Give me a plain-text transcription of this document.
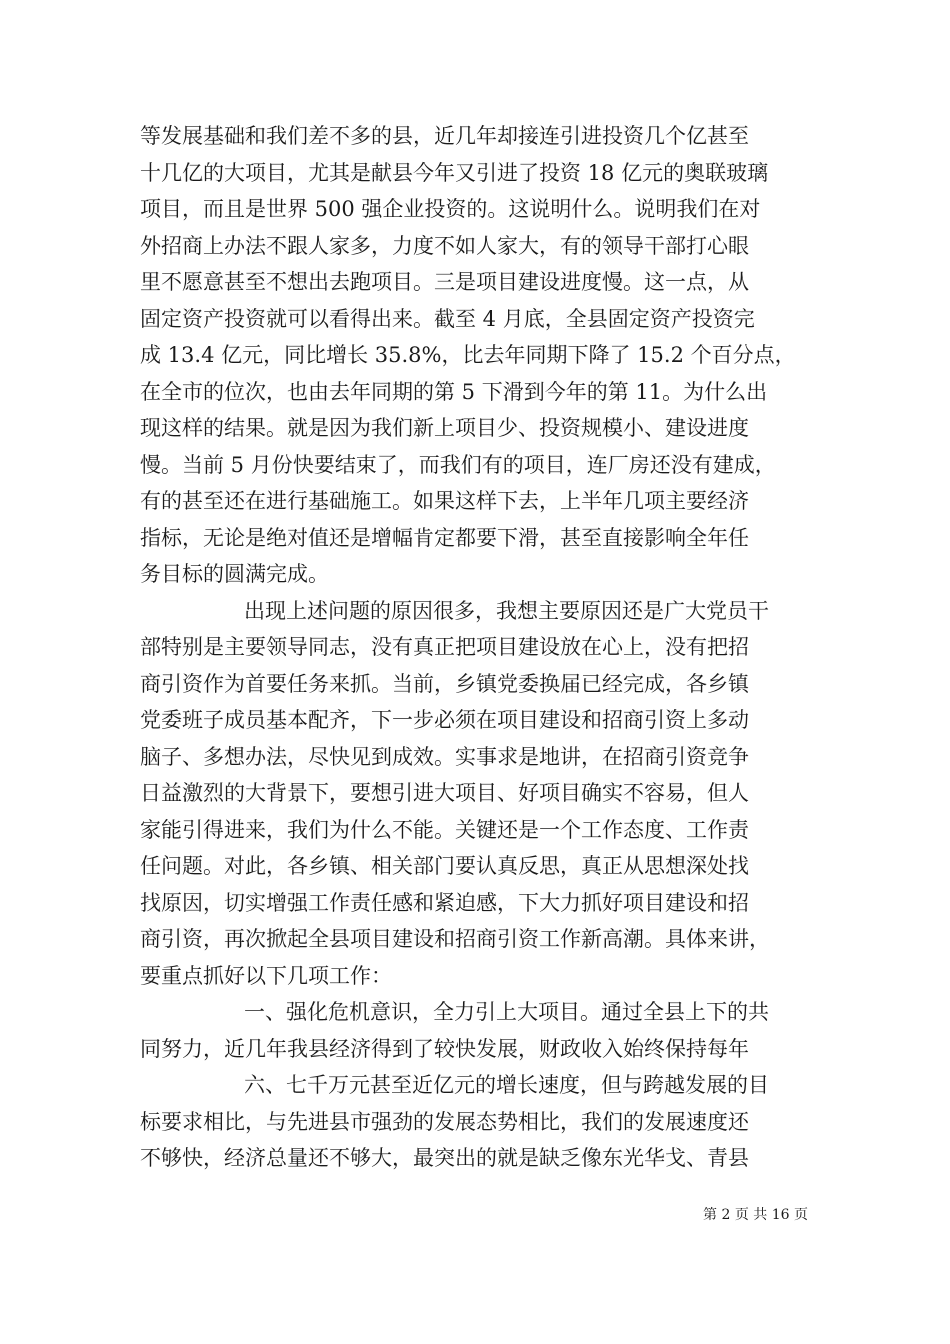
等发展基础和我们差不多的县，近几年却接连引进投资几个亿甚至
十几亿的大项目，尤其是献县今年又引进了投资 18 亿元的奥联玻璃
项目，而且是世界 500 强企业投资的。这说明什么。说明我们在对
外招商上办法不跟人家多，力度不如人家大，有的领导干部打心眼
里不愿意甚至不想出去跑项目。三是项目建设进度慢。这一点，从
固定资产投资就可以看得出来。截至 4 月底，全县固定资产投资完
成 13.4 亿元，同比增长 35.8%，比去年同期下降了 15.2 个百分点，
在全市的位次，也由去年同期的第 5 下滑到今年的第 11。为什么出
现这样的结果。就是因为我们新上项目少、投资规模小、建设进度
慢。当前 5 月份快要结束了，而我们有的项目，连厂房还没有建成，
有的甚至还在进行基础施工。如果这样下去，上半年几项主要经济
指标，无论是绝对值还是增幅肯定都要下滑，甚至直接影响全年任
务目标的圆满完成。
出现上述问题的原因很多，我想主要原因还是广大党员干
部特别是主要领导同志，没有真正把项目建设放在心上，没有把招
商引资作为首要任务来抓。当前，乡镇党委换届已经完成，各乡镇
党委班子成员基本配齐，下一步必须在项目建设和招商引资上多动
脑子、多想办法，尽快见到成效。实事求是地讲，在招商引资竞争
日益激烈的大背景下，要想引进大项目、好项目确实不容易，但人
家能引得进来，我们为什么不能。关键还是一个工作态度、工作责
任问题。对此，各乡镇、相关部门要认真反思，真正从思想深处找
找原因，切实增强工作责任感和紧迫感，下大力抓好项目建设和招
商引资，再次掀起全县项目建设和招商引资工作新高潮。具体来讲，
要重点抓好以下几项工作：
一、强化危机意识，全力引上大项目。通过全县上下的共
同努力，近几年我县经济得到了较快发展，财政收入始终保持每年
六、七千万元甚至近亿元的增长速度，但与跨越发展的目
标要求相比，与先进县市强劲的发展态势相比，我们的发展速度还
不够快，经济总量还不够大，最突出的就是缺乏像东光华戈、青县
第 2 页 共 16 页
